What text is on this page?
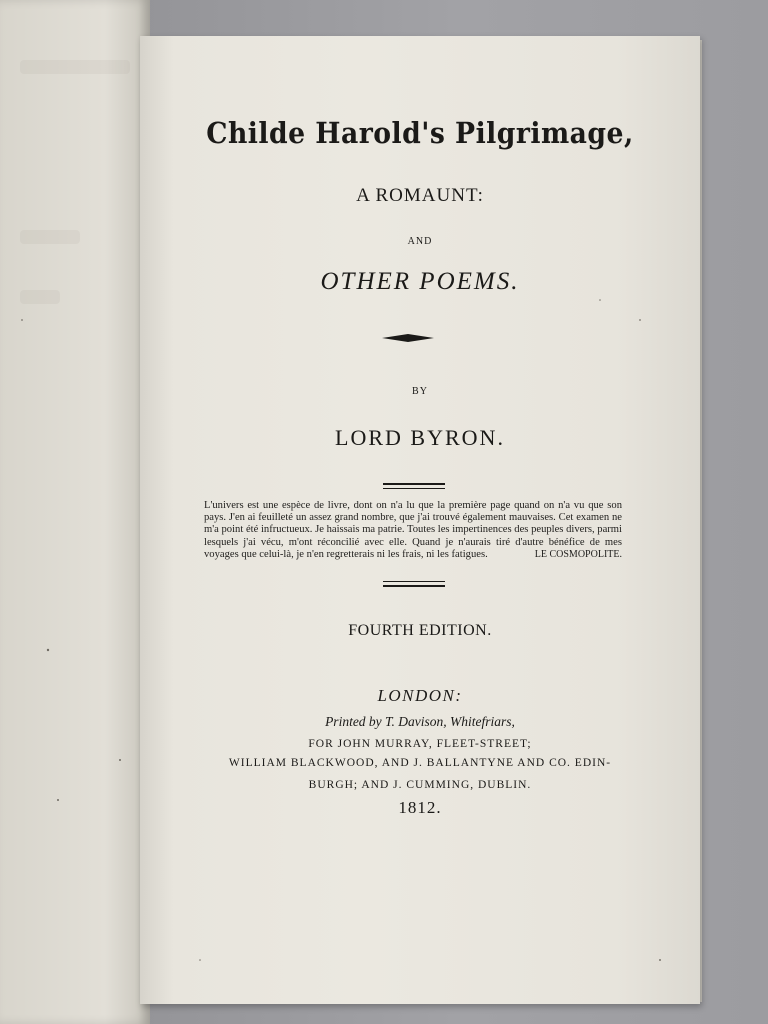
Childe Harold's Pilgrimage,
A ROMAUNT:
AND
OTHER POEMS.
BY
LORD BYRON.
L'univers est une espèce de livre, dont on n'a lu que la première page quand on n'a vu que son pays. J'en ai feuilleté un assez grand nombre, que j'ai trouvé également mauvaises. Cet examen ne m'a point été infructueux. Je haissais ma patrie. Toutes les impertinences des peuples divers, parmi lesquels j'ai vécu, m'ont réconcilié avec elle. Quand je n'aurais tiré d'autre bénéfice de mes voyages que celui-là, je n'en regretterais ni les frais, ni les fatigues.	LE COSMOPOLITE.
FOURTH EDITION.
LONDON:
Printed by T. Davison, Whitefriars,
FOR JOHN MURRAY, FLEET-STREET;
WILLIAM BLACKWOOD, AND J. BALLANTYNE AND CO. EDIN-
BURGH; AND J. CUMMING, DUBLIN.
1812.
